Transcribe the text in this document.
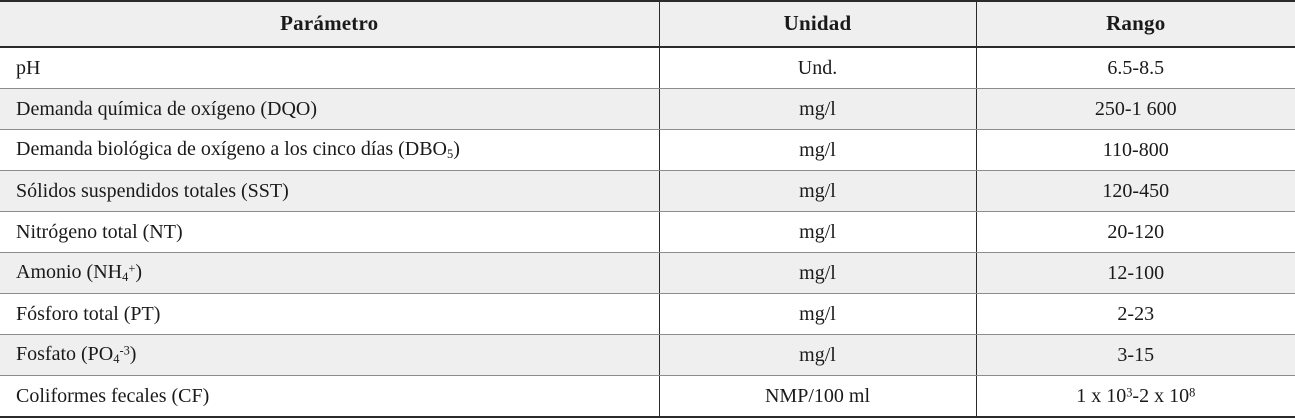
Parámetro	Unidad	Rango
pH	Und.	6.5-8.5
Demanda química de oxígeno (DQO)	mg/l	250-1 600
Demanda biológica de oxígeno a los cinco días $(DBO_5)$	mg/l	110-800
Sólidos suspendidos totales (SST)	mg/l	120-450
Nitrógeno total (NT)	mg/l	20-120
Amonio $(NH_4^+)$	mg/l	12-100
Fósforo total (PT)	mg/l	2-23
Fosfato $(PO_4^{-3})$	mg/l	3-15
Coliformes fecales (CF)	NMP/100 ml	1 x $10^3-2$ x $10^8$
